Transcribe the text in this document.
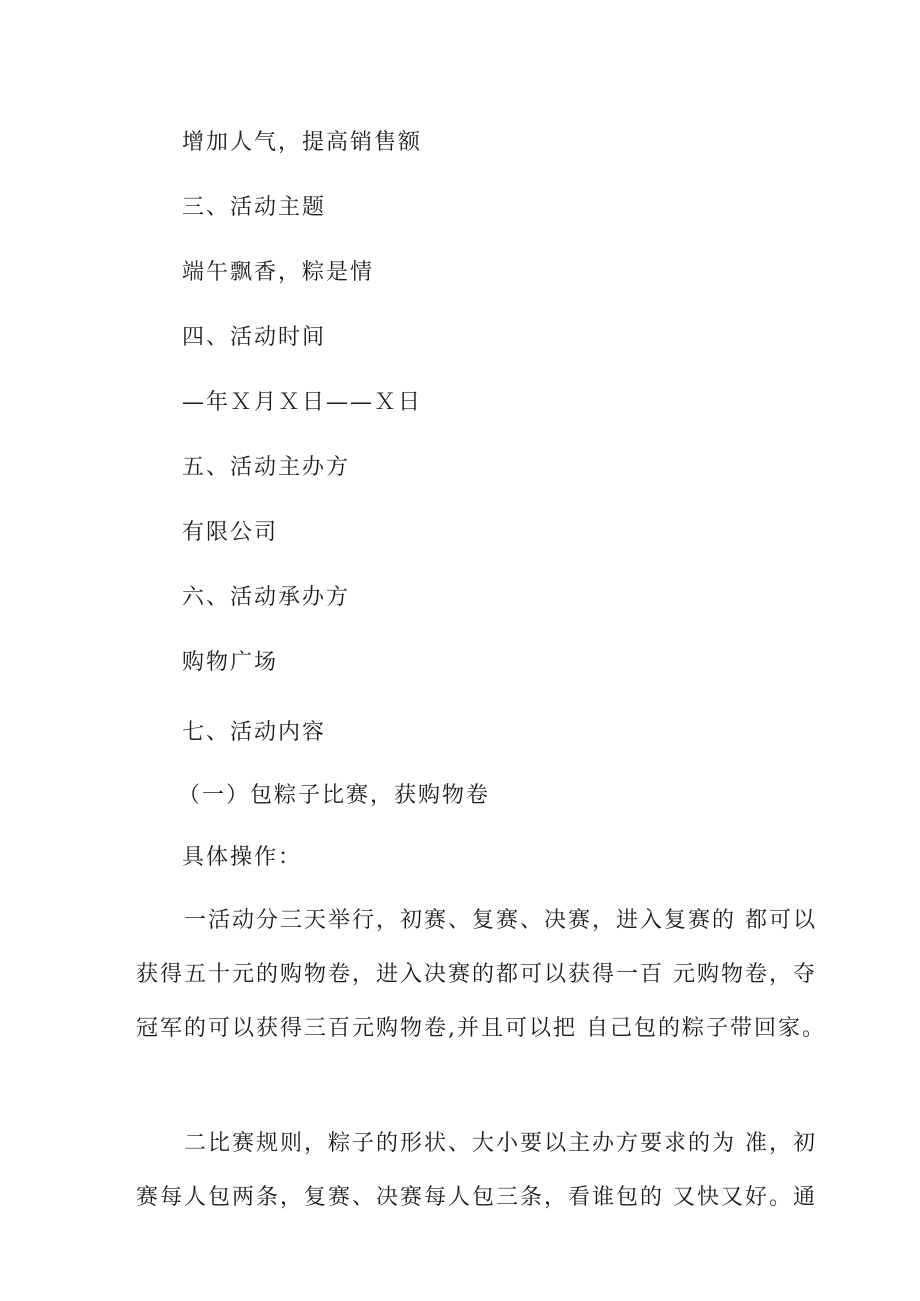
增加人气，提高销售额
三、活动主题
端午飘香，粽是情
四、活动时间
—年Ｘ月Ｘ日——Ｘ日
五、活动主办方
有限公司
六、活动承办方
购物广场
七、活动内容
（一）包粽子比赛，获购物卷
具体操作：
一活动分三天举行，初赛、复赛、决赛，进入复赛的 都可以
获得五十元的购物卷，进入决赛的都可以获得一百 元购物卷，夺
冠军的可以获得三百元购物卷,并且可以把 自己包的粽子带回家。
二比赛规则，粽子的形状、大小要以主办方要求的为 准，初
赛每人包两条，复赛、决赛每人包三条，看谁包的 又快又好。通
